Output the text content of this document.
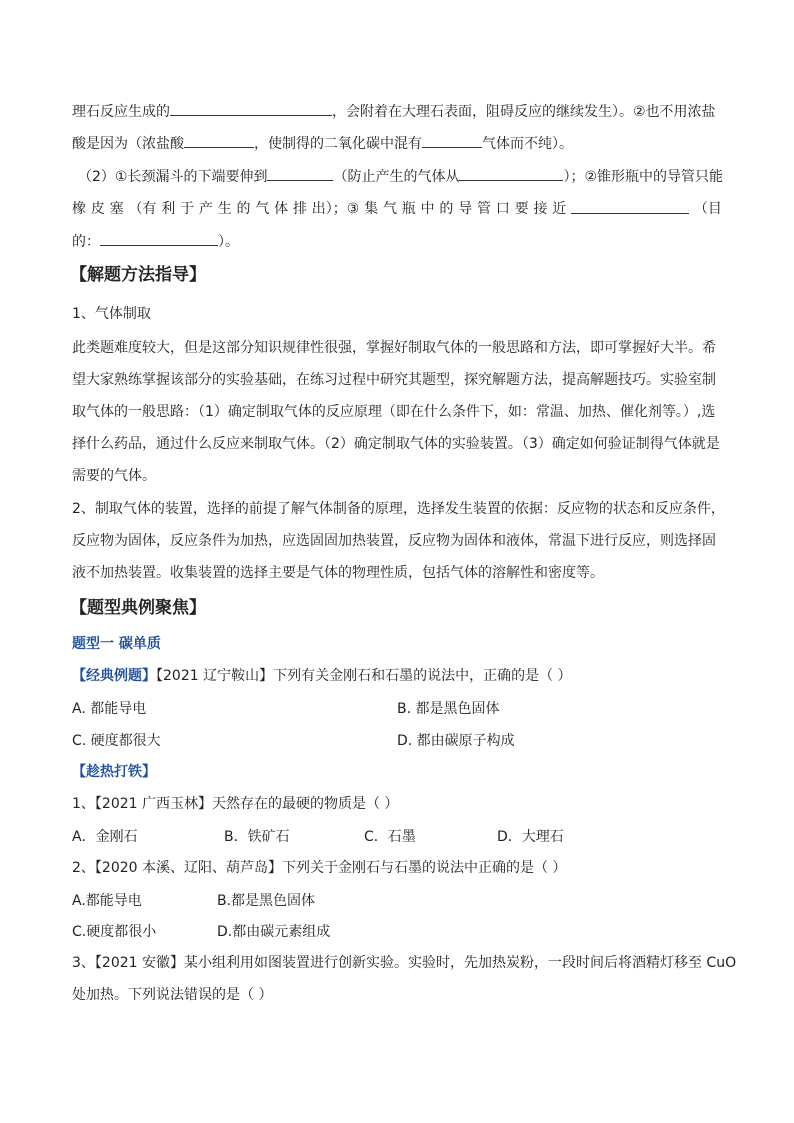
理石反应生成的	，会附着在大理石表面，阻碍反应的继续发生）。②也不用浓盐
酸是因为（浓盐酸	，使制得的二氧化碳中混有	气体而不纯）。
（2）①长颈漏斗的下端要伸到	（防止产生的气体从	）；②锥形瓶中的导管只能
橡 皮 塞 （有 利 于 产 生 的 气 体 排 出）；③ 集 气 瓶 中 的 导 管 口 要 接 近	（目
的：	）。
【解题方法指导】
1、气体制取
此类题难度较大，但是这部分知识规律性很强，掌握好制取气体的一般思路和方法，即可掌握好大半。希
望大家熟练掌握该部分的实验基础，在练习过程中研究其题型，探究解题方法，提高解题技巧。实验室制
取气体的一般思路：（1）确定制取气体的反应原理（即在什么条件下，如：常温、加热、催化剂等。）,选
择什么药品，通过什么反应来制取气体。（2）确定制取气体的实验装置。（3）确定如何验证制得气体就是
需要的气体。
2、制取气体的装置，选择的前提了解气体制备的原理，选择发生装置的依据：反应物的状态和反应条件，
反应物为固体，反应条件为加热，应选固固加热装置，反应物为固体和液体，常温下进行反应，则选择固
液不加热装置。收集装置的选择主要是气体的物理性质，包括气体的溶解性和密度等。
【题型典例聚焦】
题型一 碳单质
【经典例题】【2021 辽宁鞍山】下列有关金刚石和石墨的说法中，正确的是（ ）
A. 都能导电	B. 都是黑色固体
C. 硬度都很大	D. 都由碳原子构成
【趁热打铁】
1、【2021 广西玉林】天然存在的最硬的物质是（ ）
A．金刚石	B．铁矿石	C．石墨	D．大理石
2、【2020 本溪、辽阳、葫芦岛】下列关于金刚石与石墨的说法中正确的是（ ）
A.都能导电	B.都是黑色固体
C.硬度都很小	D.都由碳元素组成
3、【2021 安徽】某小组利用如图装置进行创新实验。实验时，先加热炭粉，一段时间后将酒精灯移至 CuO
处加热。下列说法错误的是（ ）
